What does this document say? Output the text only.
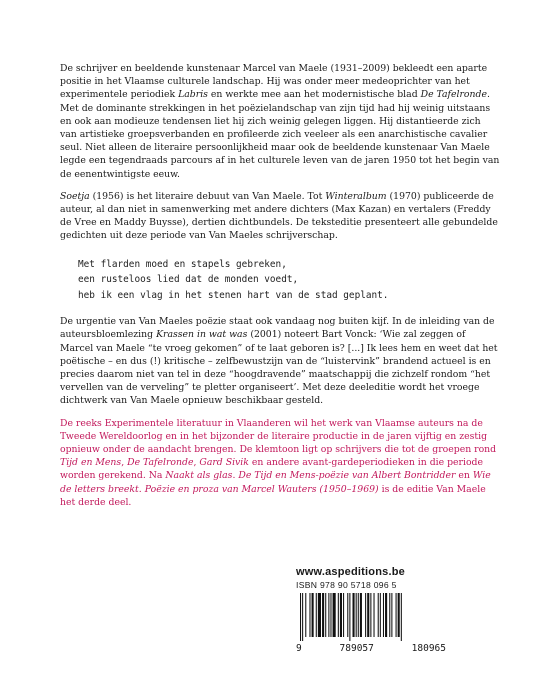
De schrijver en beeldende kunstenaar Marcel van Maele (1931–2009) bekleedt een aparte positie in het Vlaamse culturele landschap. Hij was onder meer medeoprichter van het experimentele periodiek Labris en werkte mee aan het modernistische blad De Tafelronde. Met de dominante strekkingen in het poëzielandschap van zijn tijd had hij weinig uitstaans en ook aan modieuze tendensen liet hij zich weinig gelegen liggen. Hij distantieerde zich van artistieke groepsverbanden en profileerde zich veeleer als een anarchistische cavalier seul. Niet alleen de literaire persoonlijkheid maar ook de beeldende kunstenaar Van Maele legde een tegendraads parcours af in het culturele leven van de jaren 1950 tot het begin van de eenentwintigste eeuw.

Soetja (1956) is het literaire debuut van Van Maele. Tot Winteralbum (1970) publiceerde de auteur, al dan niet in samenwerking met andere dichters (Max Kazan) en vertalers (Freddy de Vree en Maddy Buysse), dertien dichtbundels. De teksteditie presenteert alle gebundelde gedichten uit deze periode van Van Maeles schrijverschap.

Met flarden moed en stapels gebreken,
een rusteloos lied dat de monden voedt,
heb ik een vlag in het stenen hart van de stad geplant.

De urgentie van Van Maeles poëzie staat ook vandaag nog buiten kijf. In de inleiding van de auteursbloemlezing Krassen in wat was (2001) noteert Bart Vonck: ‘Wie zal zeggen of Marcel van Maele “te vroeg gekomen” of te laat geboren is? [...] Ik lees hem en weet dat het poëtische – en dus (!) kritische – zelfbewustzijn van de “luistervink” brandend actueel is en precies daarom niet van tel in deze “hoogdravende” maatschappij die zichzelf rondom “het vervellen van de verveling” te pletter organiseert’. Met deze deeleditie wordt het vroege dichtwerk van Van Maele opnieuw beschikbaar gesteld.

De reeks Experimentele literatuur in Vlaanderen wil het werk van Vlaamse auteurs na de Tweede Wereldoorlog en in het bijzonder de literaire productie in de jaren vijftig en zestig opnieuw onder de aandacht brengen. De klemtoon ligt op schrijvers die tot de groepen rond Tijd en Mens, De Tafelronde, Gard Sivik en andere avant-gardeperiodieken in die periode worden gerekend. Na Naakt als glas. De Tijd en Mens-poëzie van Albert Bontridder en Wie de letters breekt. Poëzie en proza van Marcel Wauters (1950–1969) is de editie Van Maele het derde deel.

www.aspeditions.be
ISBN 978 90 5718 096 5
9	789057	180965
